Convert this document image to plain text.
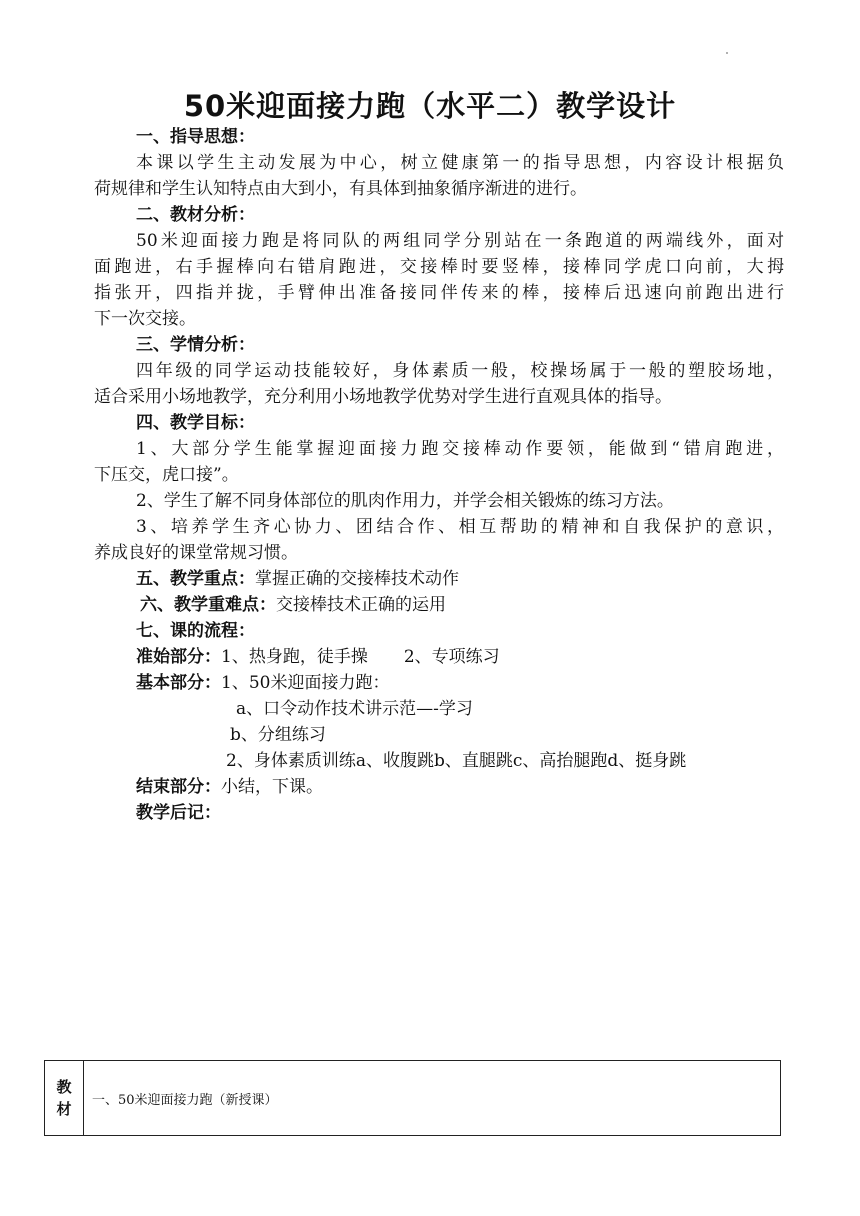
50米迎面接力跑（水平二）教学设计
一、指导思想：
本课以学生主动发展为中心，树立健康第一的指导思想，内容设计根据负
荷规律和学生认知特点由大到小，有具体到抽象循序渐进的进行。
二、教材分析：
50米迎面接力跑是将同队的两组同学分别站在一条跑道的两端线外，面对
面跑进，右手握棒向右错肩跑进，交接棒时要竖棒，接棒同学虎口向前，大拇
指张开，四指并拢，手臂伸出准备接同伴传来的棒，接棒后迅速向前跑出进行
下一次交接。
三、学情分析：
四年级的同学运动技能较好，身体素质一般，校操场属于一般的塑胶场地，
适合采用小场地教学，充分利用小场地教学优势对学生进行直观具体的指导。
四、教学目标：
1、大部分学生能掌握迎面接力跑交接棒动作要领，能做到“错肩跑进，
下压交，虎口接”。
2、学生了解不同身体部位的肌肉作用力，并学会相关锻炼的练习方法。
3、培养学生齐心协力、团结合作、相互帮助的精神和自我保护的意识，
养成良好的课堂常规习惯。
五、教学重点：掌握正确的交接棒技术动作
六、教学重难点：交接棒技术正确的运用
七、课的流程：
准始部分：1、热身跑，徒手操 2、专项练习
基本部分：1、50米迎面接力跑：
a、口令动作技术讲示范—-学习
b、分组练习
2、身体素质训练a、收腹跳b、直腿跳c、高抬腿跑d、挺身跳
结束部分：小结，下课。
教学后记：
教
材	一、50米迎面接力跑（新授课）
